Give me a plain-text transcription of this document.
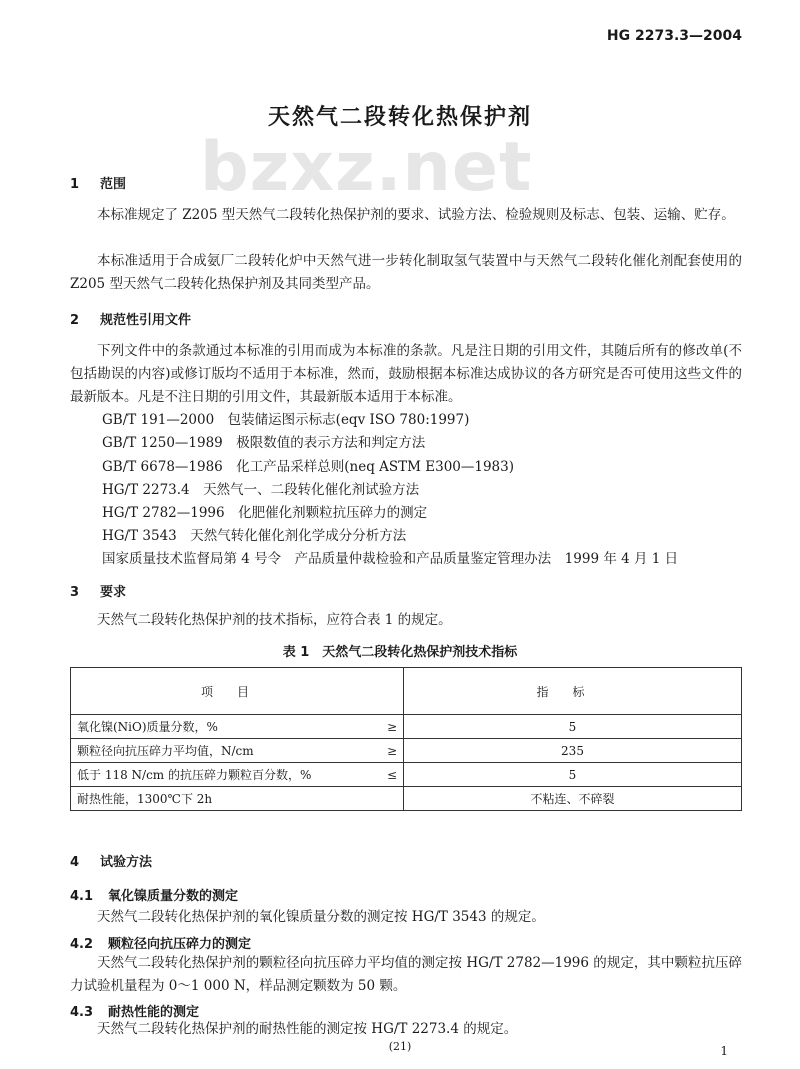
HG 2273.3—2004
bzxz.net
天然气二段转化热保护剂
1 范围
本标准规定了 Z205 型天然气二段转化热保护剂的要求、试验方法、检验规则及标志、包装、运输、贮存。
本标准适用于合成氨厂二段转化炉中天然气进一步转化制取氢气装置中与天然气二段转化催化剂配套使用的 Z205 型天然气二段转化热保护剂及其同类型产品。
2 规范性引用文件
下列文件中的条款通过本标准的引用而成为本标准的条款。凡是注日期的引用文件，其随后所有的修改单(不包括勘误的内容)或修订版均不适用于本标准，然而，鼓励根据本标准达成协议的各方研究是否可使用这些文件的最新版本。凡是不注日期的引用文件，其最新版本适用于本标准。
GB/T 191—2000　包装储运图示标志(eqv ISO 780:1997)
GB/T 1250—1989　极限数值的表示方法和判定方法
GB/T 6678—1986　化工产品采样总则(neq ASTM E300—1983)
HG/T 2273.4　天然气一、二段转化催化剂试验方法
HG/T 2782—1996　化肥催化剂颗粒抗压碎力的测定
HG/T 3543　天然气转化催化剂化学成分分析方法
国家质量技术监督局第 4 号令　产品质量仲裁检验和产品质量鉴定管理办法　1999 年 4 月 1 日
3 要求
天然气二段转化热保护剂的技术指标，应符合表 1 的规定。
表 1　天然气二段转化热保护剂技术指标
项目		指标
氧化镍(NiO)质量分数，%	≥	5
颗粒径向抗压碎力平均值，N/cm	≥	235
低于 118 N/cm 的抗压碎力颗粒百分数，%	≤	5
耐热性能，1300℃下 2h		不粘连、不碎裂
4 试验方法
4.1 氧化镍质量分数的测定
天然气二段转化热保护剂的氧化镍质量分数的测定按 HG/T 3543 的规定。
4.2 颗粒径向抗压碎力的测定
天然气二段转化热保护剂的颗粒径向抗压碎力平均值的测定按 HG/T 2782—1996 的规定，其中颗粒抗压碎力试验机量程为 0～1 000 N，样品测定颗数为 50 颗。
4.3 耐热性能的测定
天然气二段转化热保护剂的耐热性能的测定按 HG/T 2273.4 的规定。
(21)	1
